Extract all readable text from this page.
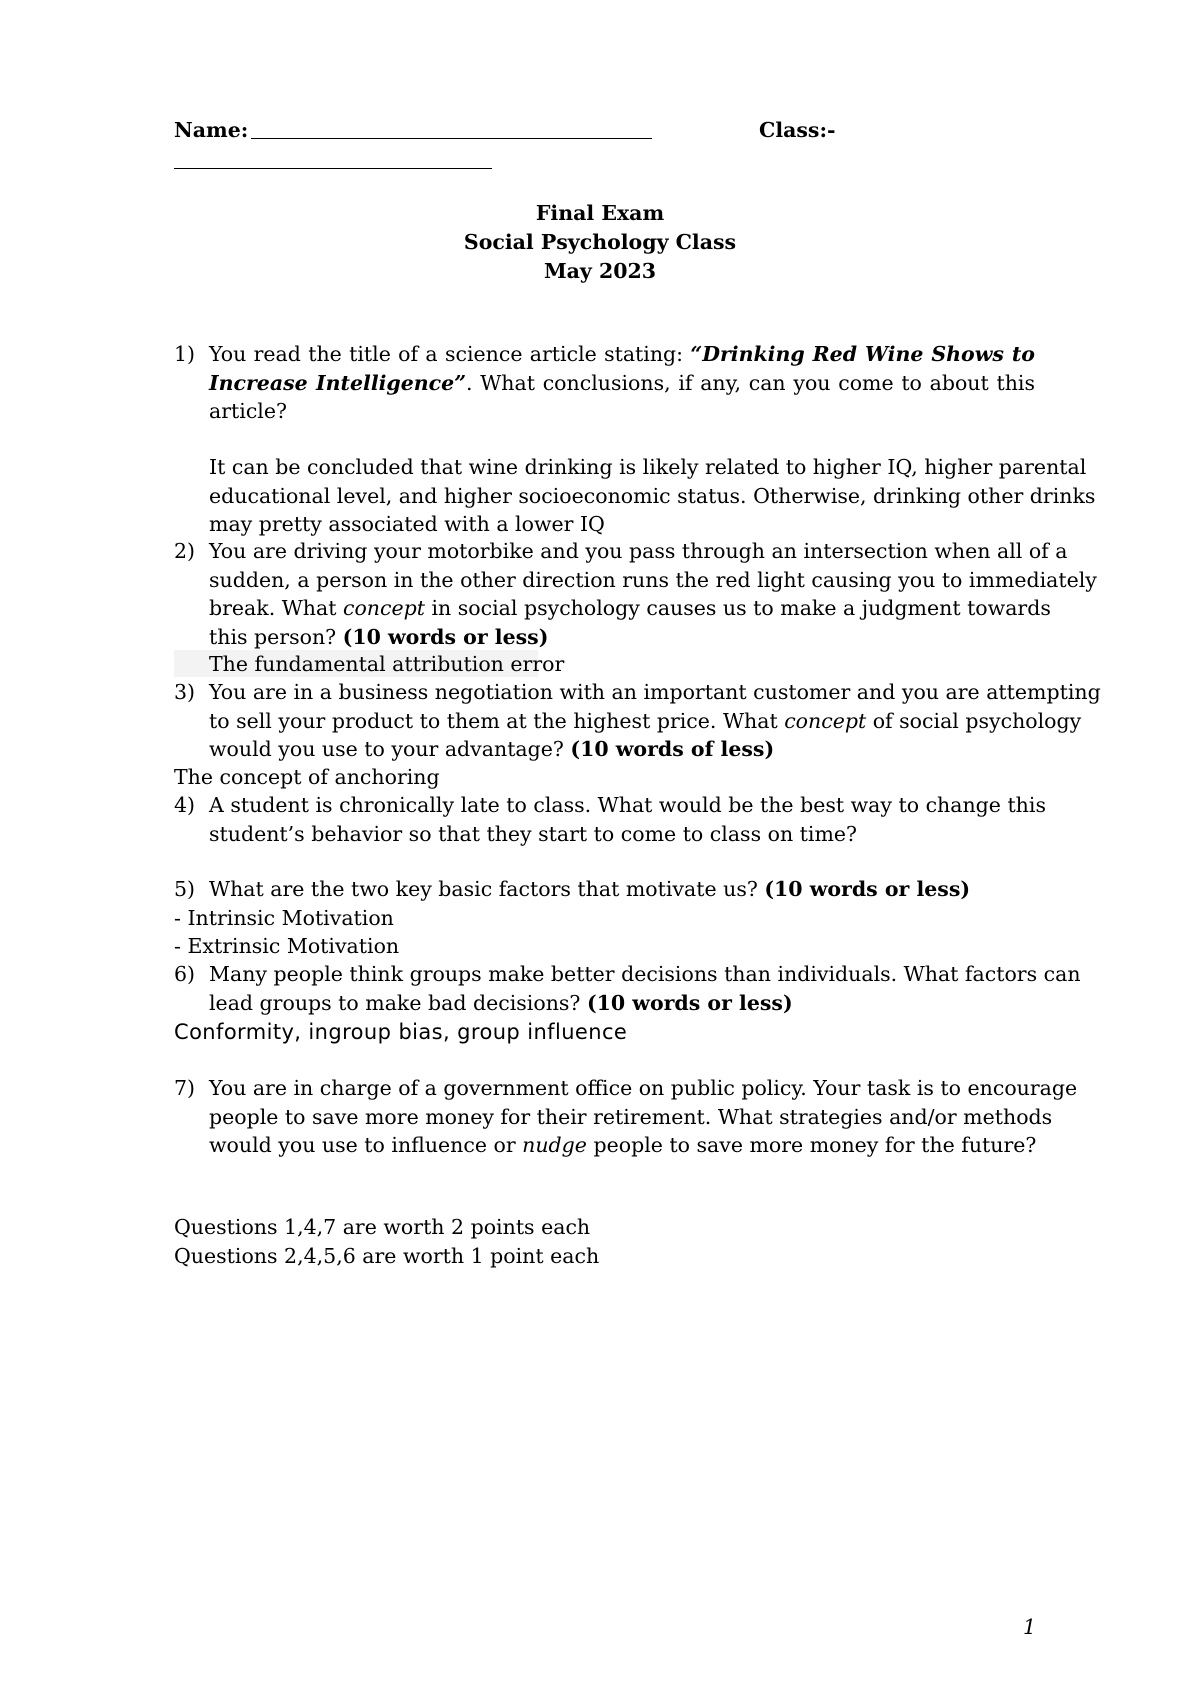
Name:	Class:-
Final Exam
Social Psychology Class
May 2023
1) You read the title of a science article stating: “Drinking Red Wine Shows to
Increase Intelligence”. What conclusions, if any, can you come to about this
article?
It can be concluded that wine drinking is likely related to higher IQ, higher parental
educational level, and higher socioeconomic status. Otherwise, drinking other drinks
may pretty associated with a lower IQ
2) You are driving your motorbike and you pass through an intersection when all of a
sudden, a person in the other direction runs the red light causing you to immediately
break. What concept in social psychology causes us to make a judgment towards
this person? (10 words or less)
The fundamental attribution error
3) You are in a business negotiation with an important customer and you are attempting
to sell your product to them at the highest price. What concept of social psychology
would you use to your advantage? (10 words of less)
The concept of anchoring
4) A student is chronically late to class. What would be the best way to change this
student’s behavior so that they start to come to class on time?
5) What are the two key basic factors that motivate us? (10 words or less)
- Intrinsic Motivation
- Extrinsic Motivation
6) Many people think groups make better decisions than individuals. What factors can
lead groups to make bad decisions? (10 words or less)
Conformity, ingroup bias, group influence
7) You are in charge of a government office on public policy. Your task is to encourage
people to save more money for their retirement. What strategies and/or methods
would you use to influence or nudge people to save more money for the future?
Questions 1,4,7 are worth 2 points each
Questions 2,4,5,6 are worth 1 point each
1
